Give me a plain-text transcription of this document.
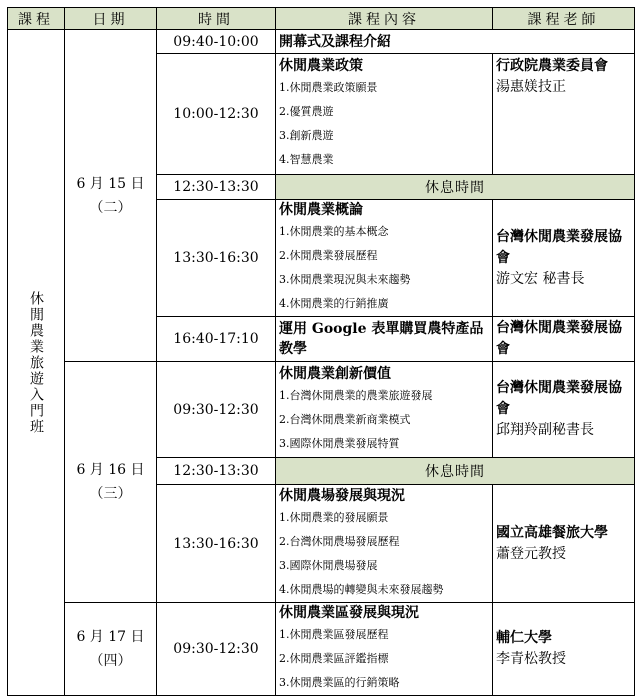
課程	日期	時間	課程內容	課程老師

休閒農業旅遊入門班	6 月 15 日
（二）	09:40-10:00	開幕式及課程介紹	

		10:00-12:30	休閒農業政策
1.休閒農業政策願景
2.優質農遊
3.創新農遊
4.智慧農業	行政院農業委員會
湯惠媄技正

		12:30-13:30	休息時間	
		13:30-16:30	休閒農業概論
1.休閒農業的基本概念
2.休閒農業發展歷程
3.休閒農業現況與未來趨勢
4.休閒農業的行銷推廣	台灣休閒農業發展協會
游文宏 秘書長

		16:40-17:10	運用 Google 表單購買農特產品教學	台灣休閒農業發展協會

	6 月 16 日
（三）	09:30-12:30	休閒農業創新價值
1.台灣休閒農業的農業旅遊發展
2.台灣休閒農業新商業模式
3.國際休閒農業發展特質	台灣休閒農業發展協會
邱翔羚副秘書長

		12:30-13:30	休息時間	
		13:30-16:30	休閒農場發展與現況
1.休閒農業的發展願景
2.台灣休閒農場發展歷程
3.國際休閒農場發展
4.休閒農場的轉變與未來發展趨勢	國立高雄餐旅大學
蕭登元教授

	6 月 17 日
（四）	09:30-12:30	休閒農業區發展與現況
1.休閒農業區發展歷程
2.休閒農業區評鑑指標
3.休閒農業區的行銷策略	輔仁大學
李青松教授
